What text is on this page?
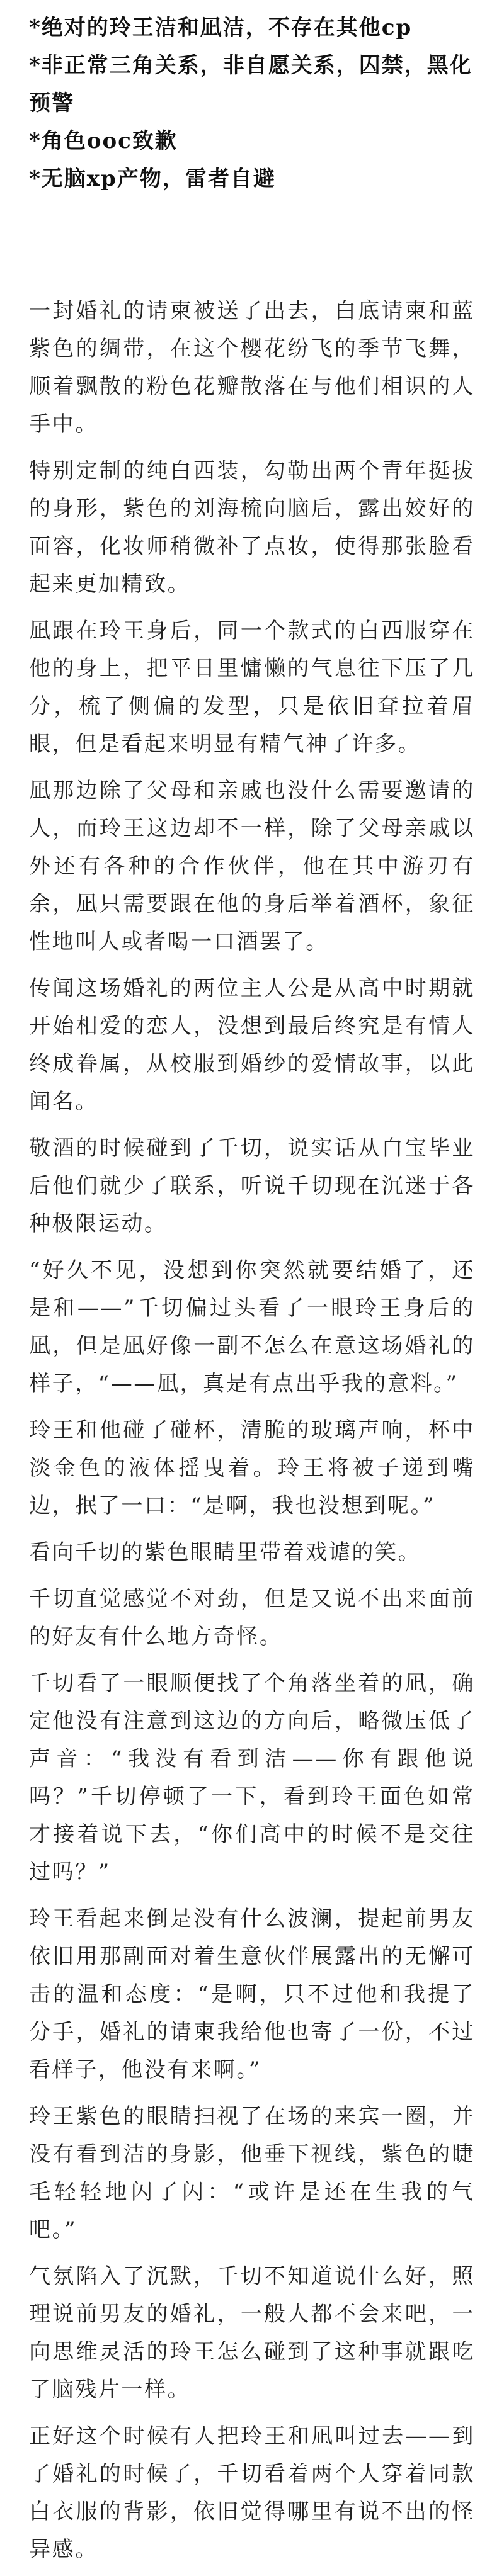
*绝对的玲王洁和凪洁，不存在其他cp
*非正常三角关系，非自愿关系，囚禁，黑化预警
*角色ooc致歉
*无脑xp产物，雷者自避

一封婚礼的请柬被送了出去，白底请柬和蓝紫色的绸带，在这个樱花纷飞的季节飞舞，顺着飘散的粉色花瓣散落在与他们相识的人手中。

特别定制的纯白西装，勾勒出两个青年挺拔的身形，紫色的刘海梳向脑后，露出姣好的面容，化妆师稍微补了点妆，使得那张脸看起来更加精致。

凪跟在玲王身后，同一个款式的白西服穿在他的身上，把平日里慵懒的气息往下压了几分，梳了侧偏的发型，只是依旧耷拉着眉眼，但是看起来明显有精气神了许多。

凪那边除了父母和亲戚也没什么需要邀请的人，而玲王这边却不一样，除了父母亲戚以外还有各种的合作伙伴，他在其中游刃有余，凪只需要跟在他的身后举着酒杯，象征性地叫人或者喝一口酒罢了。

传闻这场婚礼的两位主人公是从高中时期就开始相爱的恋人，没想到最后终究是有情人终成眷属，从校服到婚纱的爱情故事，以此闻名。

敬酒的时候碰到了千切，说实话从白宝毕业后他们就少了联系，听说千切现在沉迷于各种极限运动。

“好久不见，没想到你突然就要结婚了，还是和——”千切偏过头看了一眼玲王身后的凪，但是凪好像一副不怎么在意这场婚礼的样子，“——凪，真是有点出乎我的意料。”

玲王和他碰了碰杯，清脆的玻璃声响，杯中淡金色的液体摇曳着。玲王将被子递到嘴边，抿了一口：“是啊，我也没想到呢。”

看向千切的紫色眼睛里带着戏谑的笑。

千切直觉感觉不对劲，但是又说不出来面前的好友有什么地方奇怪。

千切看了一眼顺便找了个角落坐着的凪，确定他没有注意到这边的方向后，略微压低了声音：“我没有看到洁——你有跟他说吗？”千切停顿了一下，看到玲王面色如常才接着说下去，“你们高中的时候不是交往过吗？”

玲王看起来倒是没有什么波澜，提起前男友依旧用那副面对着生意伙伴展露出的无懈可击的温和态度：“是啊，只不过他和我提了分手，婚礼的请柬我给他也寄了一份，不过看样子，他没有来啊。”

玲王紫色的眼睛扫视了在场的来宾一圈，并没有看到洁的身影，他垂下视线，紫色的睫毛轻轻地闪了闪：“或许是还在生我的气吧。”

气氛陷入了沉默，千切不知道说什么好，照理说前男友的婚礼，一般人都不会来吧，一向思维灵活的玲王怎么碰到了这种事就跟吃了脑残片一样。

正好这个时候有人把玲王和凪叫过去——到了婚礼的时候了，千切看着两个人穿着同款白衣服的背影，依旧觉得哪里有说不出的怪异感。
